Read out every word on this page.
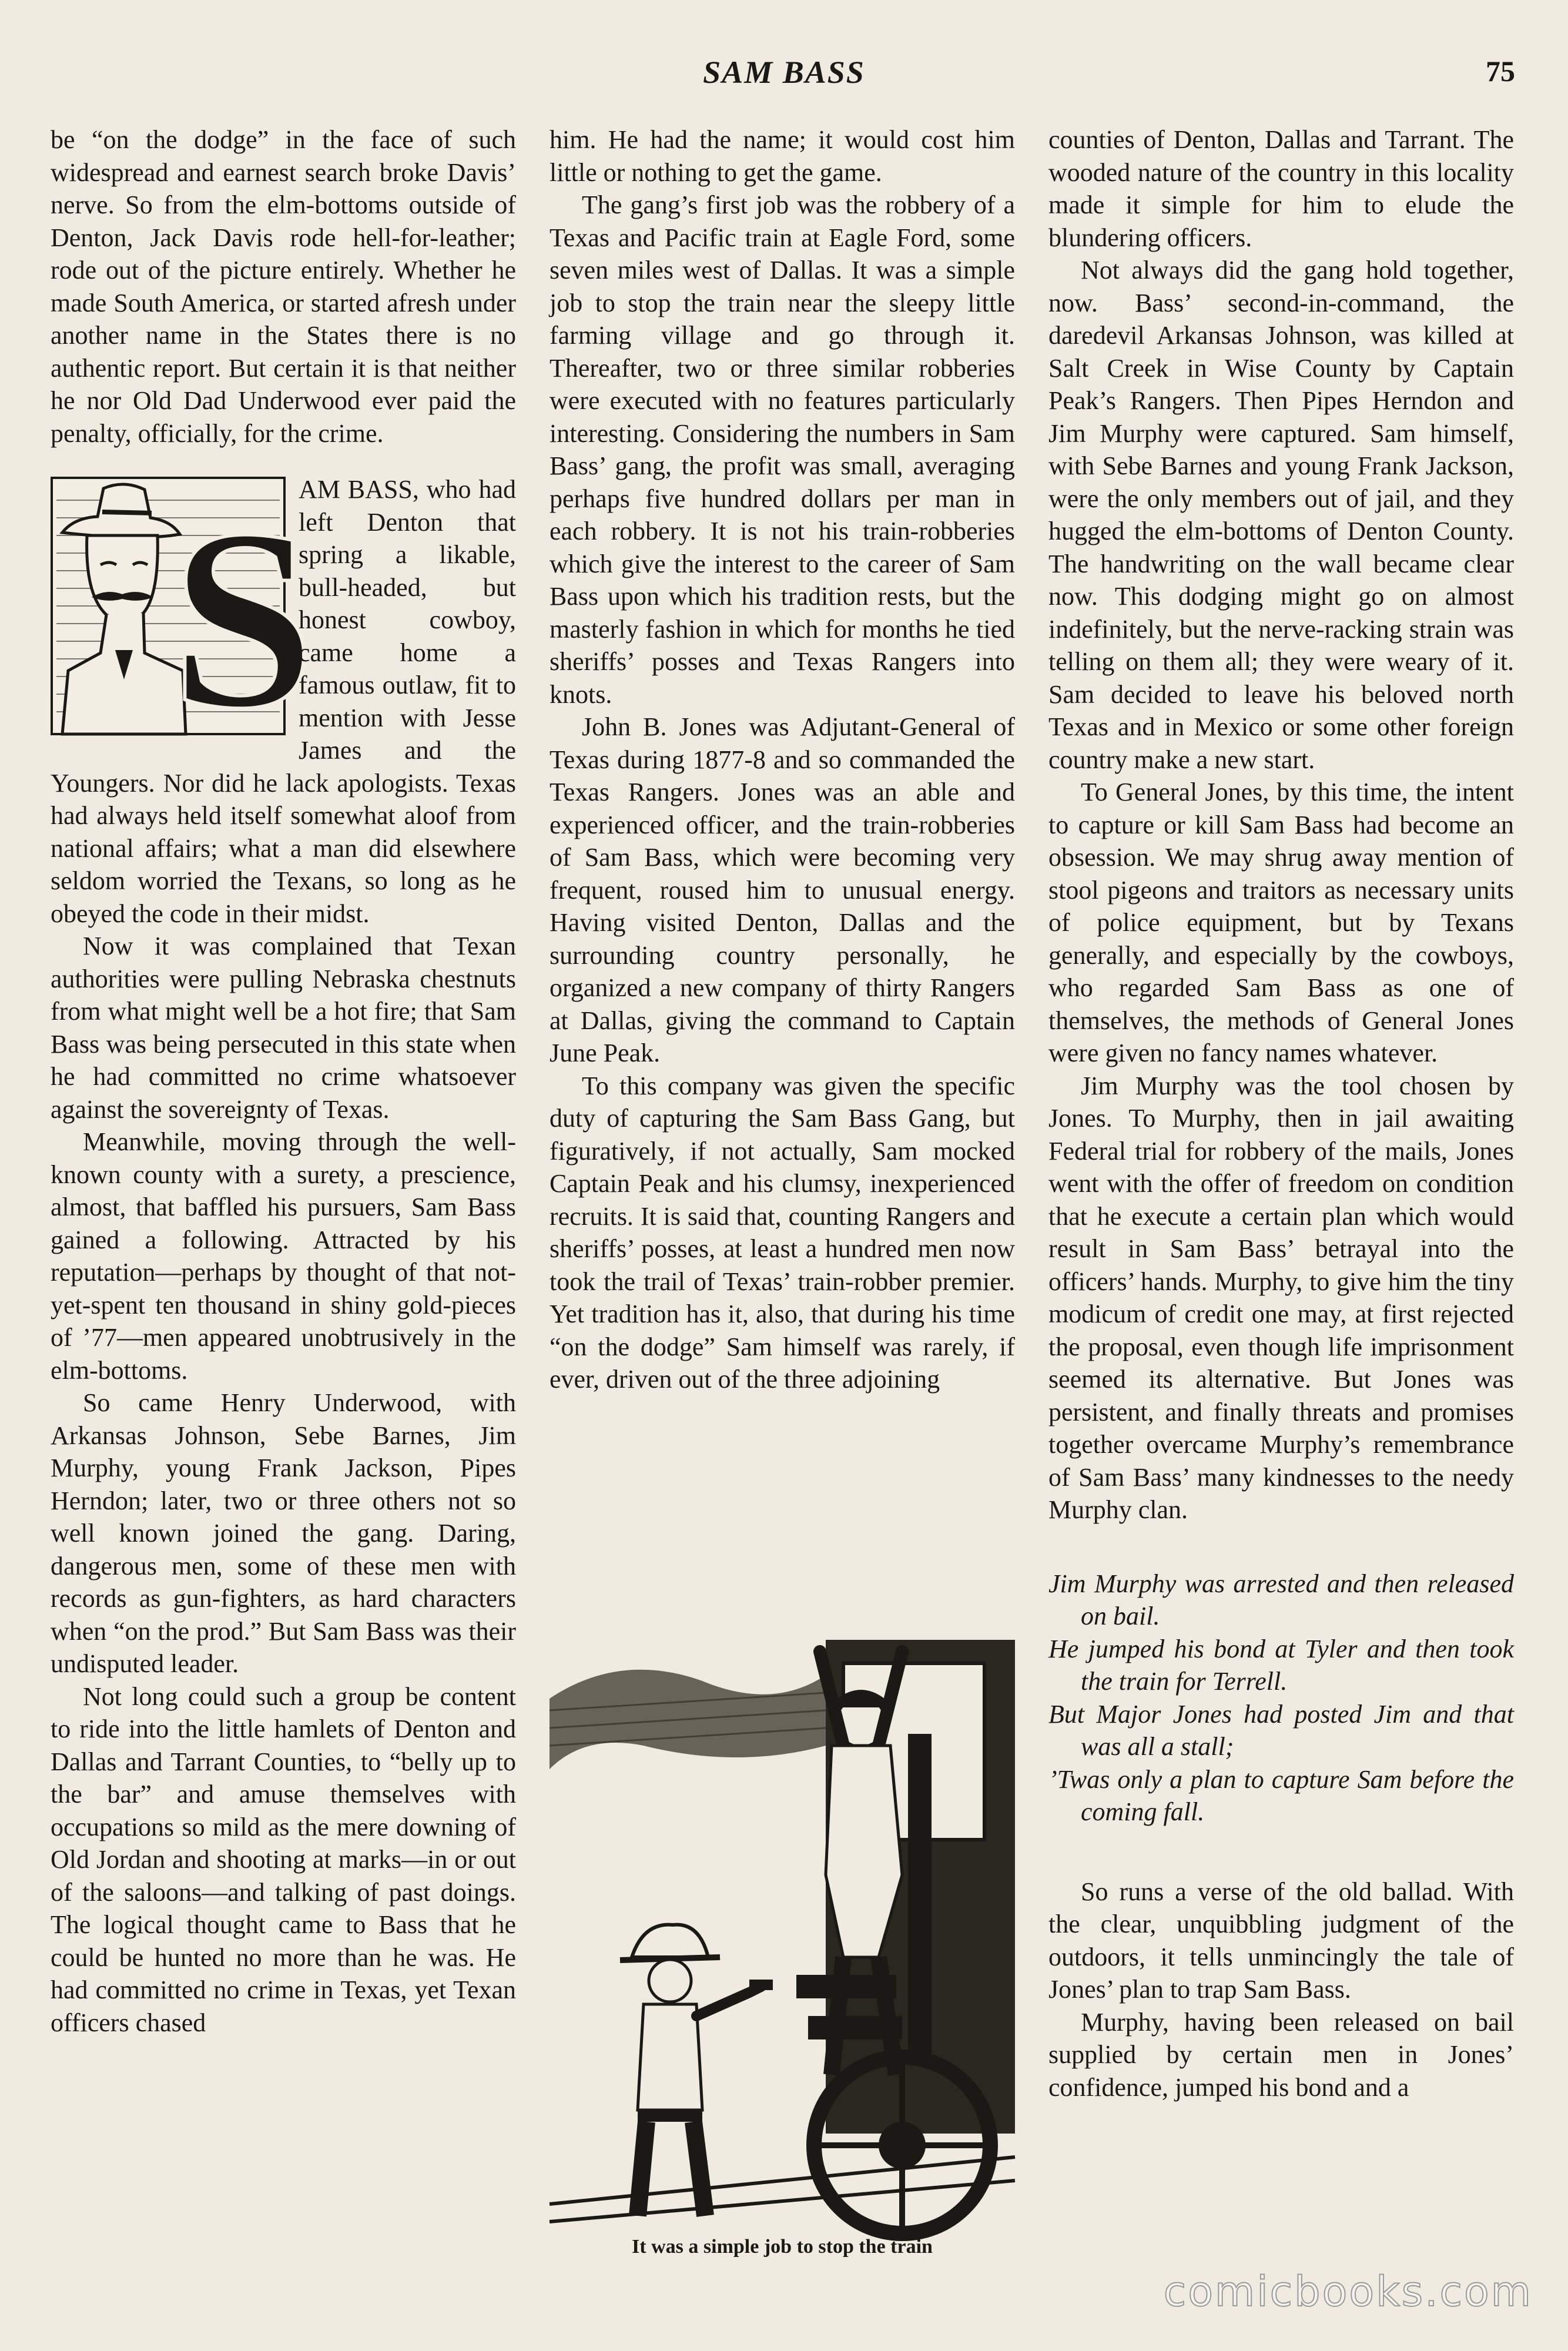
SAM BASS	75

be “on the dodge” in the face of such widespread and earnest search broke Davis’ nerve. So from the elm-bottoms outside of Denton, Jack Davis rode hell-for-leather; rode out of the picture entirely. Whether he made South America, or started afresh under another name in the States there is no authentic report. But certain it is that neither he nor Old Dad Underwood ever paid the penalty, officially, for the crime.

S

AM BASS, who had left Denton that spring a likable, bull-headed, but honest cowboy, came home a famous outlaw, fit to mention with Jesse James and the Youngers. Nor did he lack apologists. Texas had always held itself somewhat aloof from national affairs; what a man did elsewhere seldom worried the Texans, so long as he obeyed the code in their midst.

Now it was complained that Texan authorities were pulling Nebraska chestnuts from what might well be a hot fire; that Sam Bass was being persecuted in this state when he had committed no crime whatsoever against the sovereignty of Texas.

Meanwhile, moving through the well-known county with a surety, a prescience, almost, that baffled his pursuers, Sam Bass gained a following. Attracted by his reputation—perhaps by thought of that not-yet-spent ten thousand in shiny gold-pieces of ’77—men appeared unobtrusively in the elm-bottoms.

So came Henry Underwood, with Arkansas Johnson, Sebe Barnes, Jim Murphy, young Frank Jackson, Pipes Herndon; later, two or three others not so well known joined the gang. Daring, dangerous men, some of these men with records as gun-fighters, as hard characters when “on the prod.” But Sam Bass was their undisputed leader.

Not long could such a group be content to ride into the little hamlets of Denton and Dallas and Tarrant Counties, to “belly up to the bar” and amuse themselves with occupations so mild as the mere downing of Old Jordan and shooting at marks—in or out of the saloons—and talking of past doings. The logical thought came to Bass that he could be hunted no more than he was. He had committed no crime in Texas, yet Texan officers chased

him. He had the name; it would cost him little or nothing to get the game.

The gang’s first job was the robbery of a Texas and Pacific train at Eagle Ford, some seven miles west of Dallas. It was a simple job to stop the train near the sleepy little farming village and go through it. Thereafter, two or three similar robberies were executed with no features particularly interesting. Considering the numbers in Sam Bass’ gang, the profit was small, averaging perhaps five hundred dollars per man in each robbery. It is not his train-robberies which give the interest to the career of Sam Bass upon which his tradition rests, but the masterly fashion in which for months he tied sheriffs’ posses and Texas Rangers into knots.

John B. Jones was Adjutant-General of Texas during 1877-8 and so commanded the Texas Rangers. Jones was an able and experienced officer, and the train-robberies of Sam Bass, which were becoming very frequent, roused him to unusual energy. Having visited Denton, Dallas and the surrounding country personally, he organized a new company of thirty Rangers at Dallas, giving the command to Captain June Peak.

To this company was given the specific duty of capturing the Sam Bass Gang, but figuratively, if not actually, Sam mocked Captain Peak and his clumsy, inexperienced recruits. It is said that, counting Rangers and sheriffs’ posses, at least a hundred men now took the trail of Texas’ train-robber premier. Yet tradition has it, also, that during his time “on the dodge” Sam himself was rarely, if ever, driven out of the three adjoining

It was a simple job to stop the train

counties of Denton, Dallas and Tarrant. The wooded nature of the country in this locality made it simple for him to elude the blundering officers.

Not always did the gang hold together, now. Bass’ second-in-command, the daredevil Arkansas Johnson, was killed at Salt Creek in Wise County by Captain Peak’s Rangers. Then Pipes Herndon and Jim Murphy were captured. Sam himself, with Sebe Barnes and young Frank Jackson, were the only members out of jail, and they hugged the elm-bottoms of Denton County. The handwriting on the wall became clear now. This dodging might go on almost indefinitely, but the nerve-racking strain was telling on them all; they were weary of it. Sam decided to leave his beloved north Texas and in Mexico or some other foreign country make a new start.

To General Jones, by this time, the intent to capture or kill Sam Bass had become an obsession. We may shrug away mention of stool pigeons and traitors as necessary units of police equipment, but by Texans generally, and especially by the cowboys, who regarded Sam Bass as one of themselves, the methods of General Jones were given no fancy names whatever.

Jim Murphy was the tool chosen by Jones. To Murphy, then in jail awaiting Federal trial for robbery of the mails, Jones went with the offer of freedom on condition that he execute a certain plan which would result in Sam Bass’ betrayal into the officers’ hands. Murphy, to give him the tiny modicum of credit one may, at first rejected the proposal, even though life imprisonment seemed its alternative. But Jones was persistent, and finally threats and promises together overcame Murphy’s remembrance of Sam Bass’ many kindnesses to the needy Murphy clan.

Jim Murphy was arrested and then released on bail.
He jumped his bond at Tyler and then took the train for Terrell.
But Major Jones had posted Jim and that was all a stall;
’Twas only a plan to capture Sam before the coming fall.

So runs a verse of the old ballad. With the clear, unquibbling judgment of the outdoors, it tells unmincingly the tale of Jones’ plan to trap Sam Bass.

Murphy, having been released on bail supplied by certain men in Jones’ confidence, jumped his bond and a

comicbooks.com
